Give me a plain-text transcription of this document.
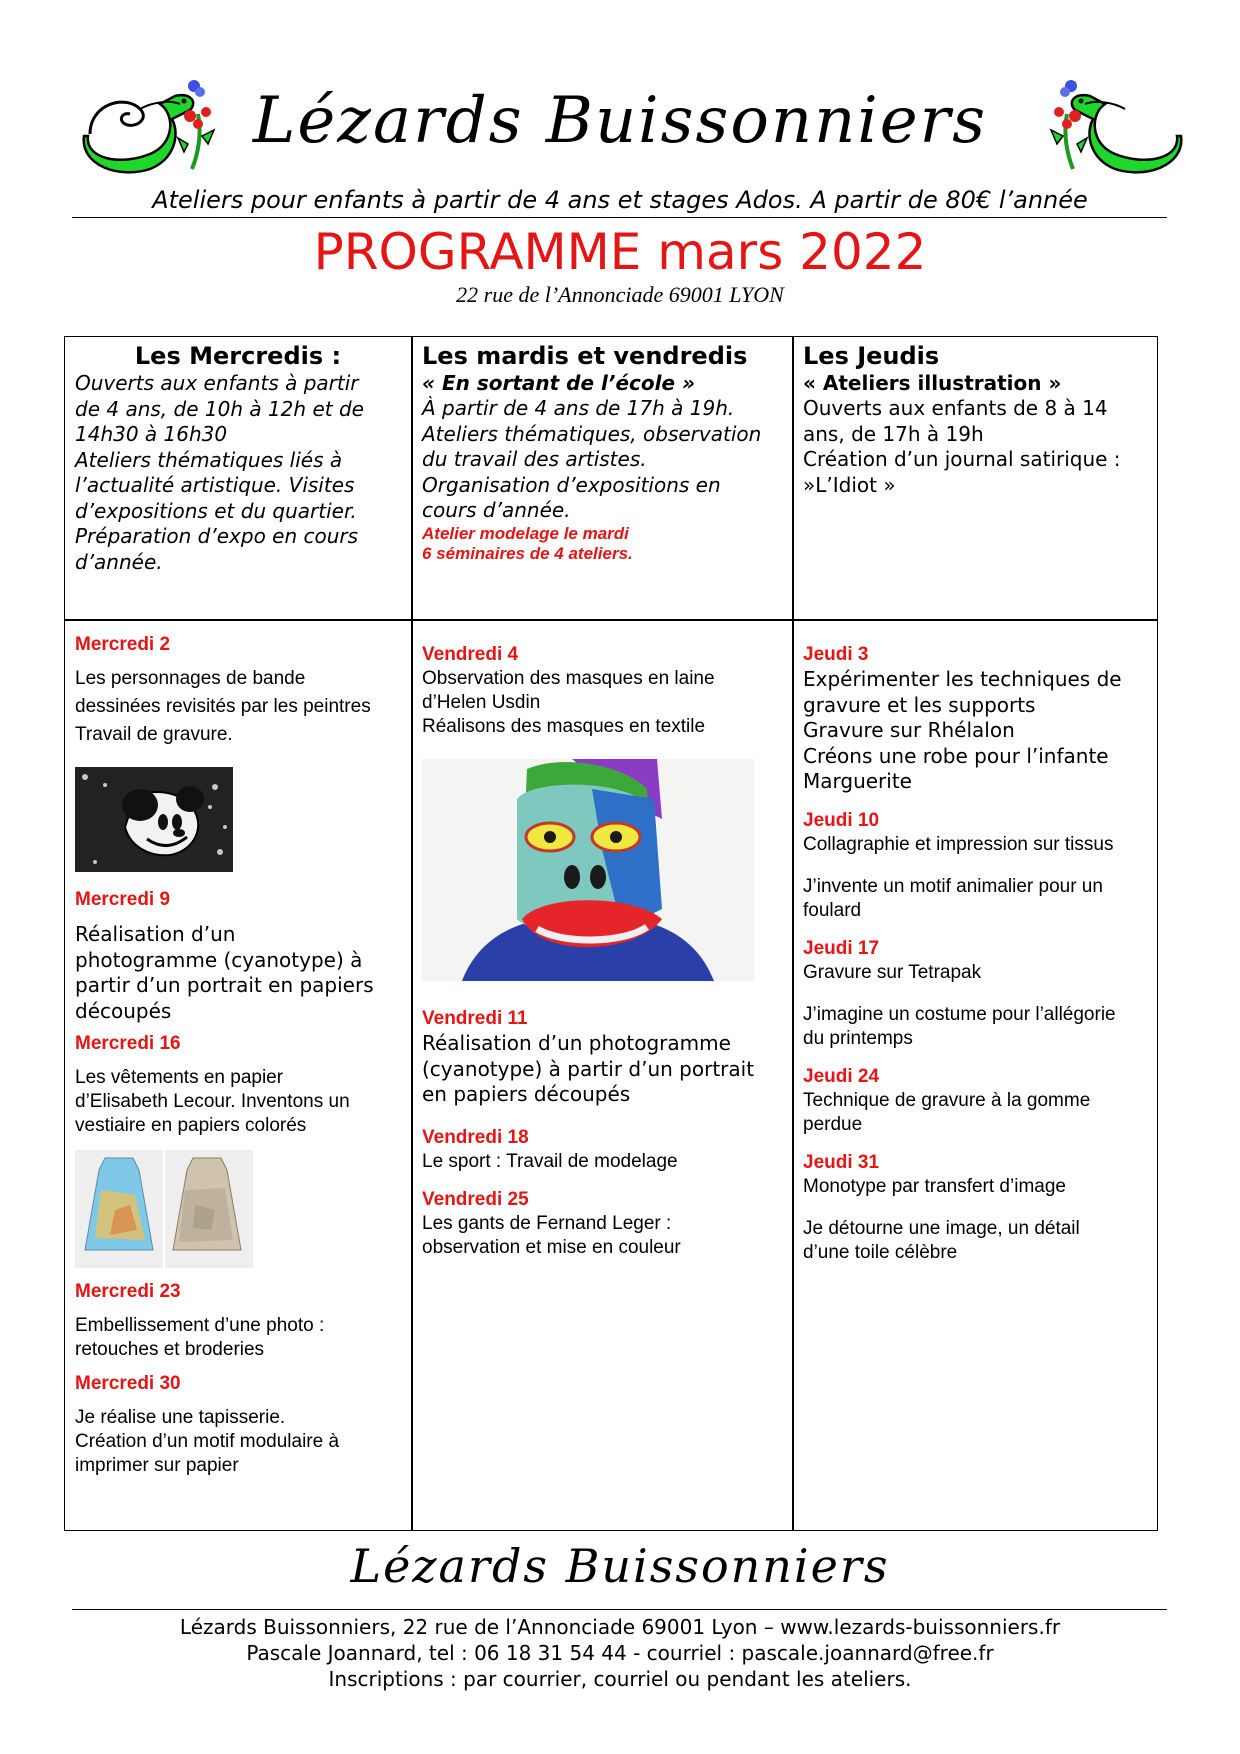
Lézards Buissonniers
Ateliers pour enfants à partir de 4 ans et stages Ados. A partir de 80€ l’année
PROGRAMME mars 2022
22 rue de l’Annonciade 69001 LYON
Les Mercredis :
Ouverts aux enfants à partir
de 4 ans, de 10h à 12h et de
14h30 à 16h30
Ateliers thématiques liés à
l’actualité artistique. Visites
d’expositions et du quartier.
Préparation d’expo en cours
d’année.
Les mardis et vendredis
« En sortant de l’école »
À partir de 4 ans de 17h à 19h.
Ateliers thématiques, observation
du travail des artistes.
Organisation d’expositions en
cours d’année.
Atelier modelage le mardi
6 séminaires de 4 ateliers.
Les Jeudis
« Ateliers illustration »
Ouverts aux enfants de 8 à 14
ans, de 17h à 19h
Création d’un journal satirique :
»L’Idiot »
Mercredi 2
Les personnages de bande
dessinées revisités par les peintres
Travail de gravure.
Mercredi 9
Réalisation d’un
photogramme (cyanotype) à
partir d’un portrait en papiers
découpés
Mercredi 16
Les vêtements en papier
d’Elisabeth Lecour. Inventons un
vestiaire en papiers colorés
Mercredi 23
Embellissement d’une photo :
retouches et broderies
Mercredi 30
Je réalise une tapisserie.
Création d’un motif modulaire à
imprimer sur papier
Vendredi 4
Observation des masques en laine
d’Helen Usdin
Réalisons des masques en textile
Vendredi 11
Réalisation d’un photogramme
(cyanotype) à partir d’un portrait
en papiers découpés
Vendredi 18
Le sport : Travail de modelage
Vendredi 25
Les gants de Fernand Leger :
observation et mise en couleur
Jeudi 3
Expérimenter les techniques de
gravure et les supports
Gravure sur Rhélalon
Créons une robe pour l’infante
Marguerite
Jeudi 10
Collagraphie et impression sur tissus
J’invente un motif animalier pour un
foulard
Jeudi 17
Gravure sur Tetrapak
J’imagine un costume pour l’allégorie
du printemps
Jeudi 24
Technique de gravure à la gomme
perdue
Jeudi 31
Monotype par transfert d’image
Je détourne une image, un détail
d’une toile célèbre
Lézards Buissonniers
Lézards Buissonniers, 22 rue de l’Annonciade 69001 Lyon – www.lezards-buissonniers.fr
Pascale Joannard, tel : 06 18 31 54 44 - courriel : pascale.joannard@free.fr
Inscriptions : par courrier, courriel ou pendant les ateliers.
